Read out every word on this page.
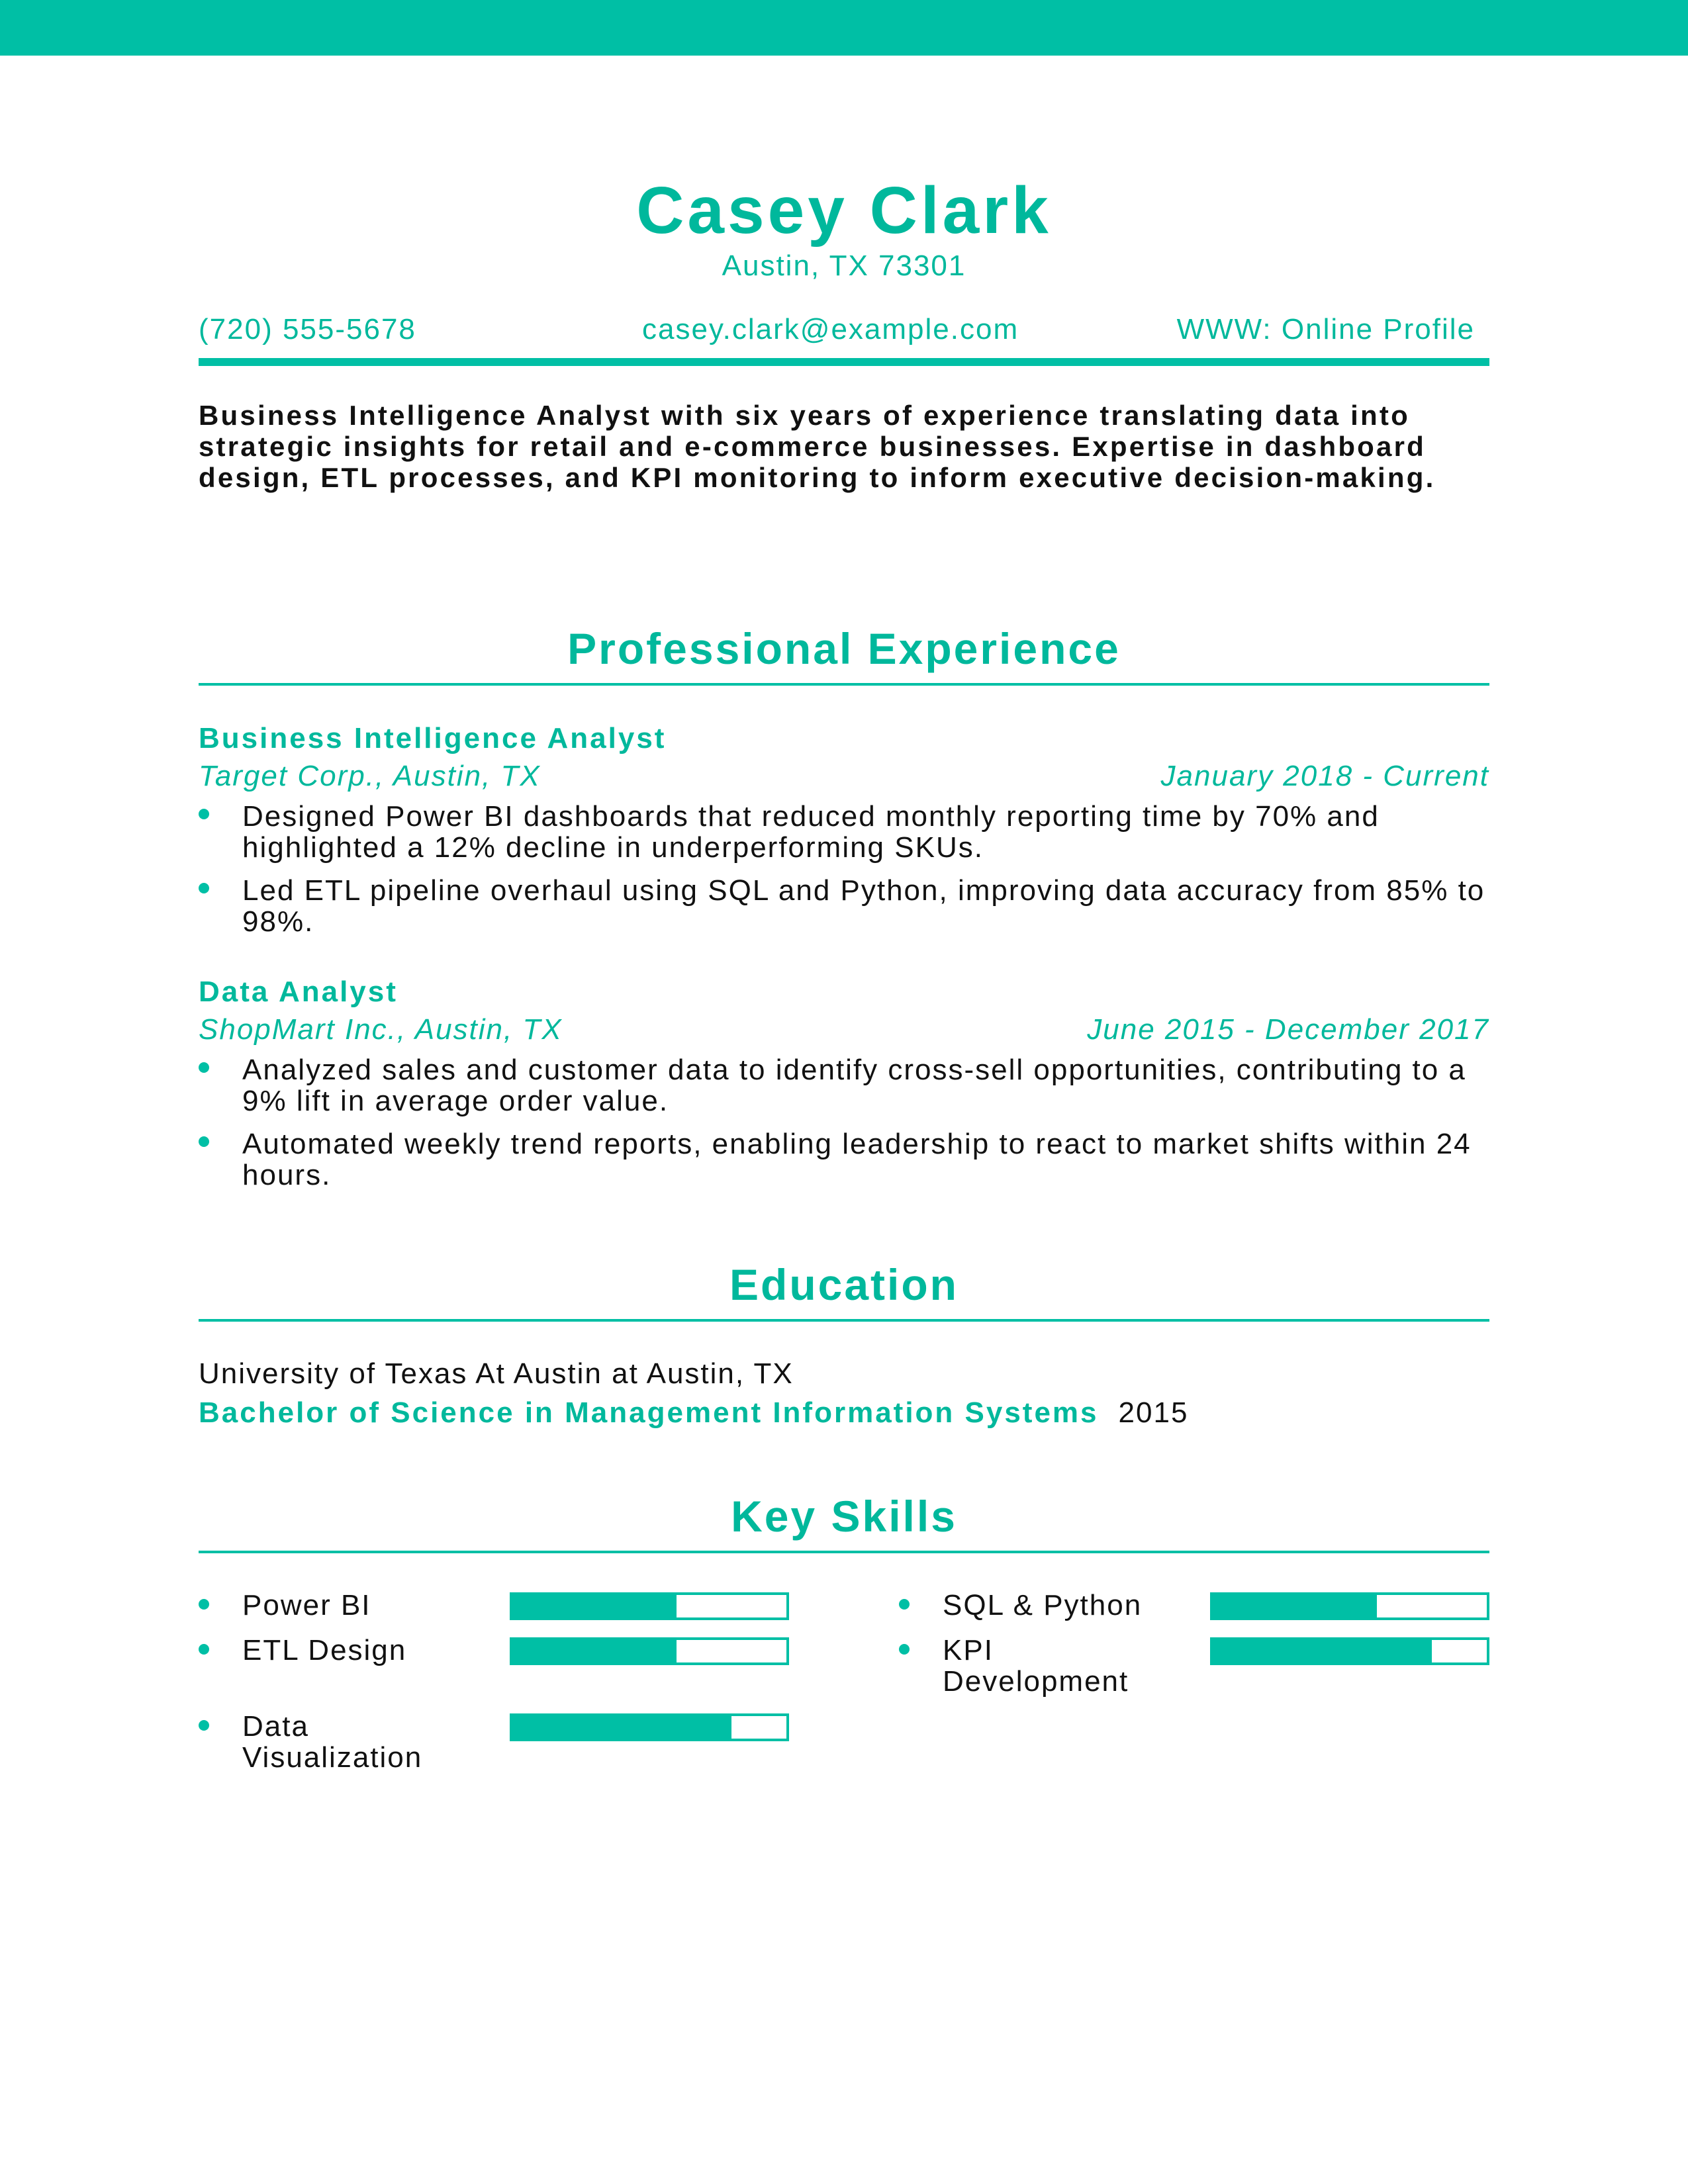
Casey Clark
Austin, TX 73301
(720) 555-5678	casey.clark@example.com	WWW: Online Profile
Business Intelligence Analyst with six years of experience translating data into strategic insights for retail and e-commerce businesses. Expertise in dashboard design, ETL processes, and KPI monitoring to inform executive decision-making.
Professional Experience
Business Intelligence Analyst
Target Corp., Austin, TX	January 2018 - Current
Designed Power BI dashboards that reduced monthly reporting time by 70% and highlighted a 12% decline in underperforming SKUs.
Led ETL pipeline overhaul using SQL and Python, improving data accuracy from 85% to 98%.
Data Analyst
ShopMart Inc., Austin, TX	June 2015 - December 2017
Analyzed sales and customer data to identify cross-sell opportunities, contributing to a 9% lift in average order value.
Automated weekly trend reports, enabling leadership to react to market shifts within 24 hours.
Education
University of Texas At Austin at Austin, TX
Bachelor of Science in Management Information Systems 2015
Key Skills
Power BI
ETL Design
Data Visualization
SQL & Python
KPI Development
